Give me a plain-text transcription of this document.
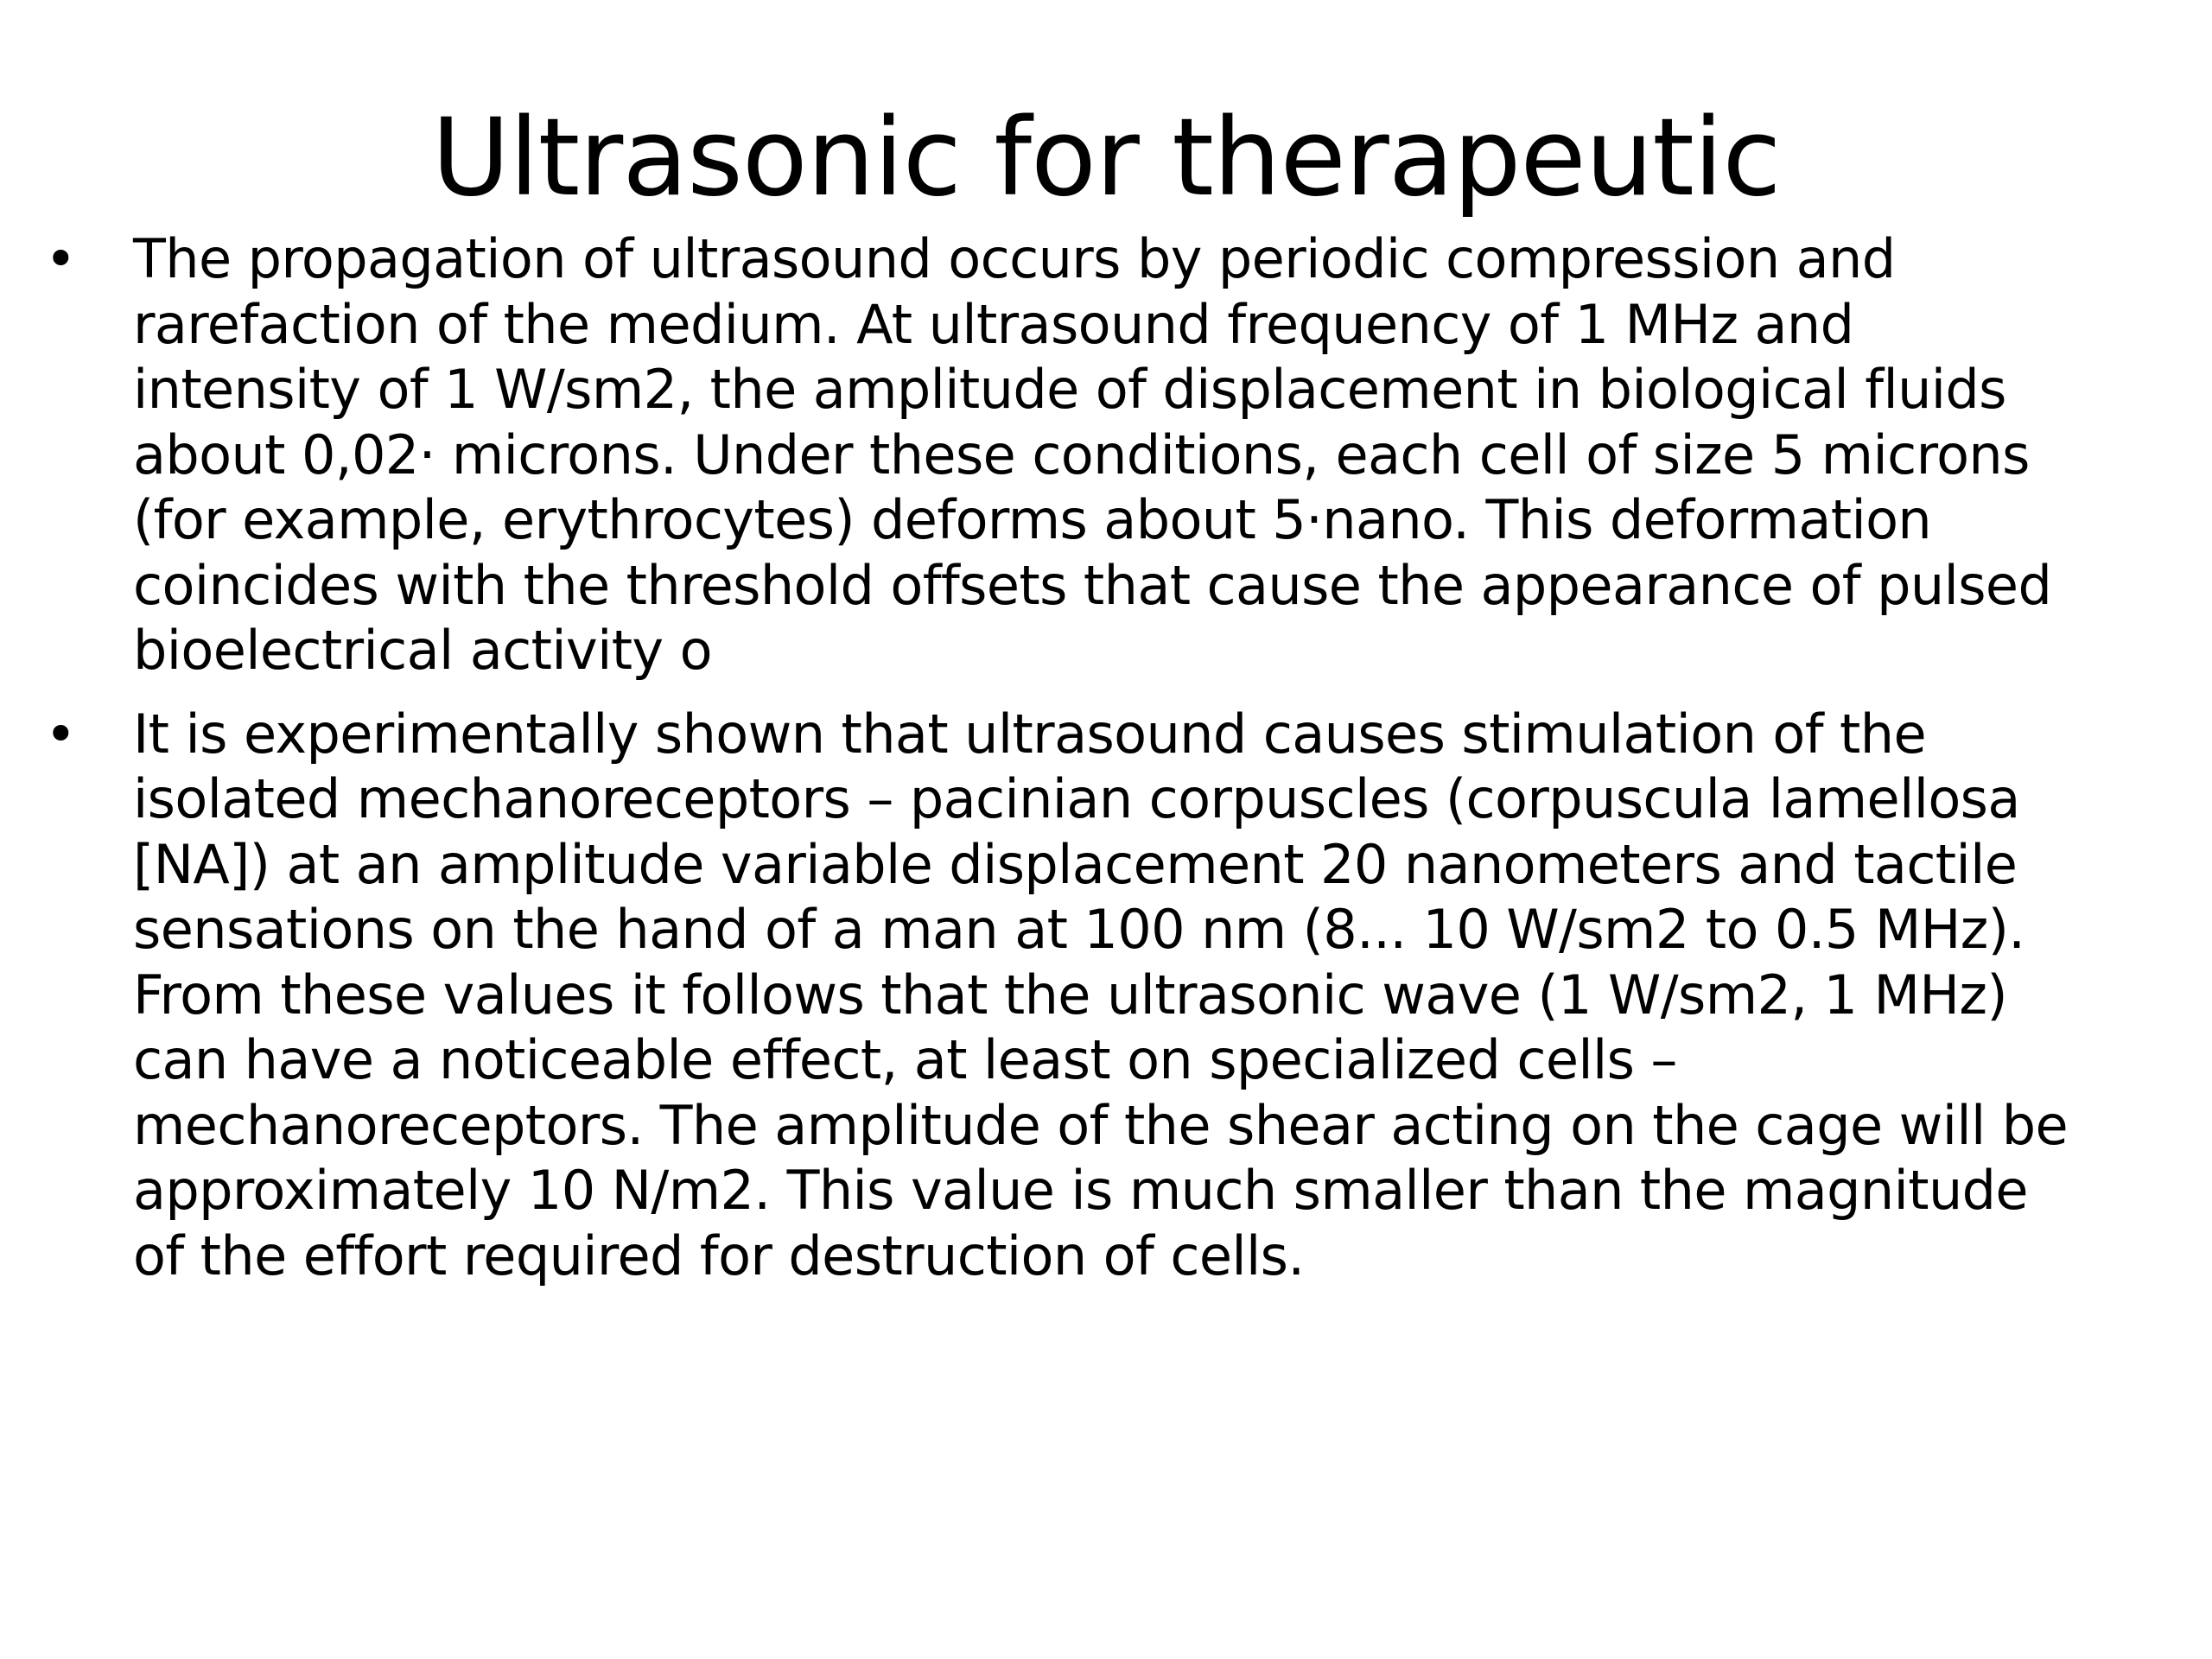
Ultrasonic for therapeutic
• The propagation of ultrasound occurs by periodic compression and
rarefaction of the medium. At ultrasound frequency of 1 MHz and
intensity of 1 W/sm2, the amplitude of displacement in biological fluids
about 0,02· microns. Under these conditions, each cell of size 5 microns
(for example, erythrocytes) deforms about 5·nano. This deformation
coincides with the threshold offsets that cause the appearance of pulsed
bioelectrical activity o
• It is experimentally shown that ultrasound causes stimulation of the
isolated mechanoreceptors – pacinian corpuscles (corpuscula lamellosa
[NA]) at an amplitude variable displacement 20 nanometers and tactile
sensations on the hand of a man at 100 nm (8... 10 W/sm2 to 0.5 MHz).
From these values it follows that the ultrasonic wave (1 W/sm2, 1 MHz)
can have a noticeable effect, at least on specialized cells –
mechanoreceptors. The amplitude of the shear acting on the cage will be
approximately 10 N/m2. This value is much smaller than the magnitude
of the effort required for destruction of cells.
